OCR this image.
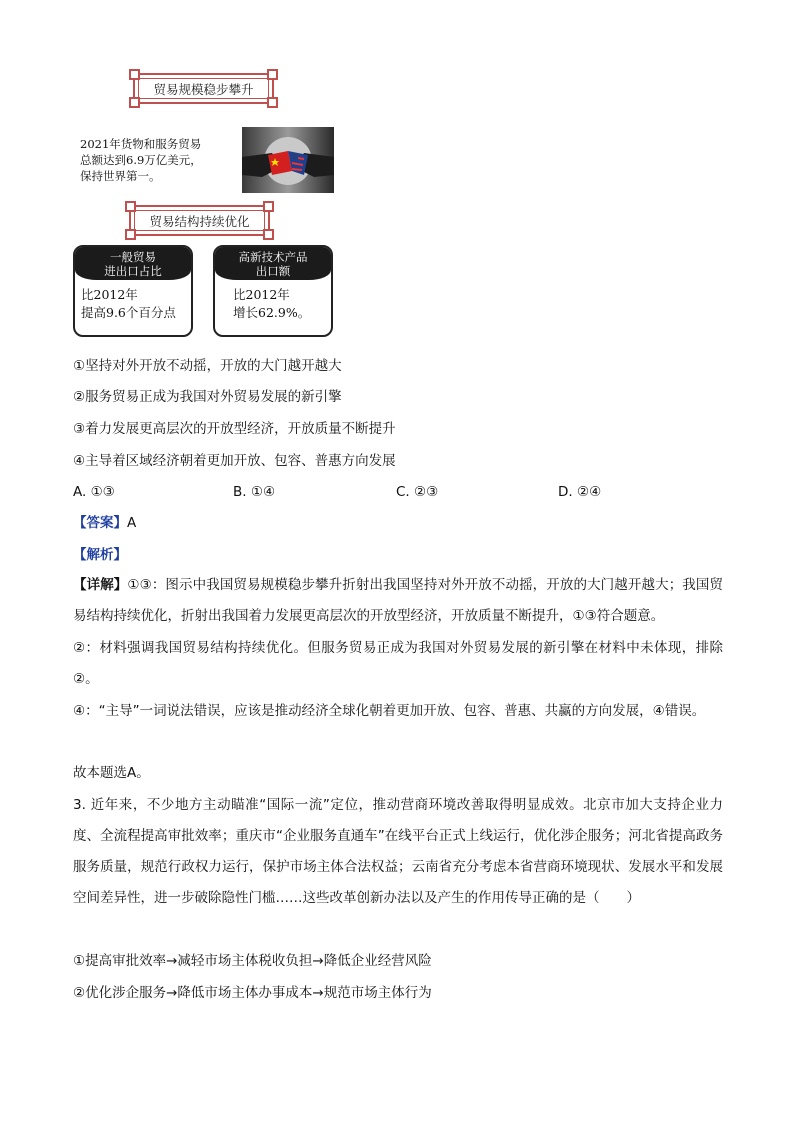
贸易规模稳步攀升
2021年货物和服务贸易
总额达到6.9万亿美元，
保持世界第一。
贸易结构持续优化
一般贸易
进出口占比
比2012年
提高9.6个百分点
高新技术产品
出口额
比2012年
增长62.9%。
①坚持对外开放不动摇，开放的大门越开越大
②服务贸易正成为我国对外贸易发展的新引擎
③着力发展更高层次的开放型经济，开放质量不断提升
④主导着区域经济朝着更加开放、包容、普惠方向发展
A. ①③	B. ①④	C. ②③	D. ②④
【答案】A
【解析】
【详解】①③：图示中我国贸易规模稳步攀升折射出我国坚持对外开放不动摇，开放的大门越开越大；我国贸易结构持续优化，折射出我国着力发展更高层次的开放型经济，开放质量不断提升，①③符合题意。
②：材料强调我国贸易结构持续优化。但服务贸易正成为我国对外贸易发展的新引擎在材料中未体现，排除②。
④：“主导”一词说法错误，应该是推动经济全球化朝着更加开放、包容、普惠、共赢的方向发展，④错误。
故本题选A。
3. 近年来，不少地方主动瞄准“国际一流”定位，推动营商环境改善取得明显成效。北京市加大支持企业力度、全流程提高审批效率；重庆市“企业服务直通车”在线平台正式上线运行，优化涉企服务；河北省提高政务服务质量，规范行政权力运行，保护市场主体合法权益；云南省充分考虑本省营商环境现状、发展水平和发展空间差异性，进一步破除隐性门槛……这些改革创新办法以及产生的作用传导正确的是（　　）
①提高审批效率→减轻市场主体税收负担→降低企业经营风险
②优化涉企服务→降低市场主体办事成本→规范市场主体行为
